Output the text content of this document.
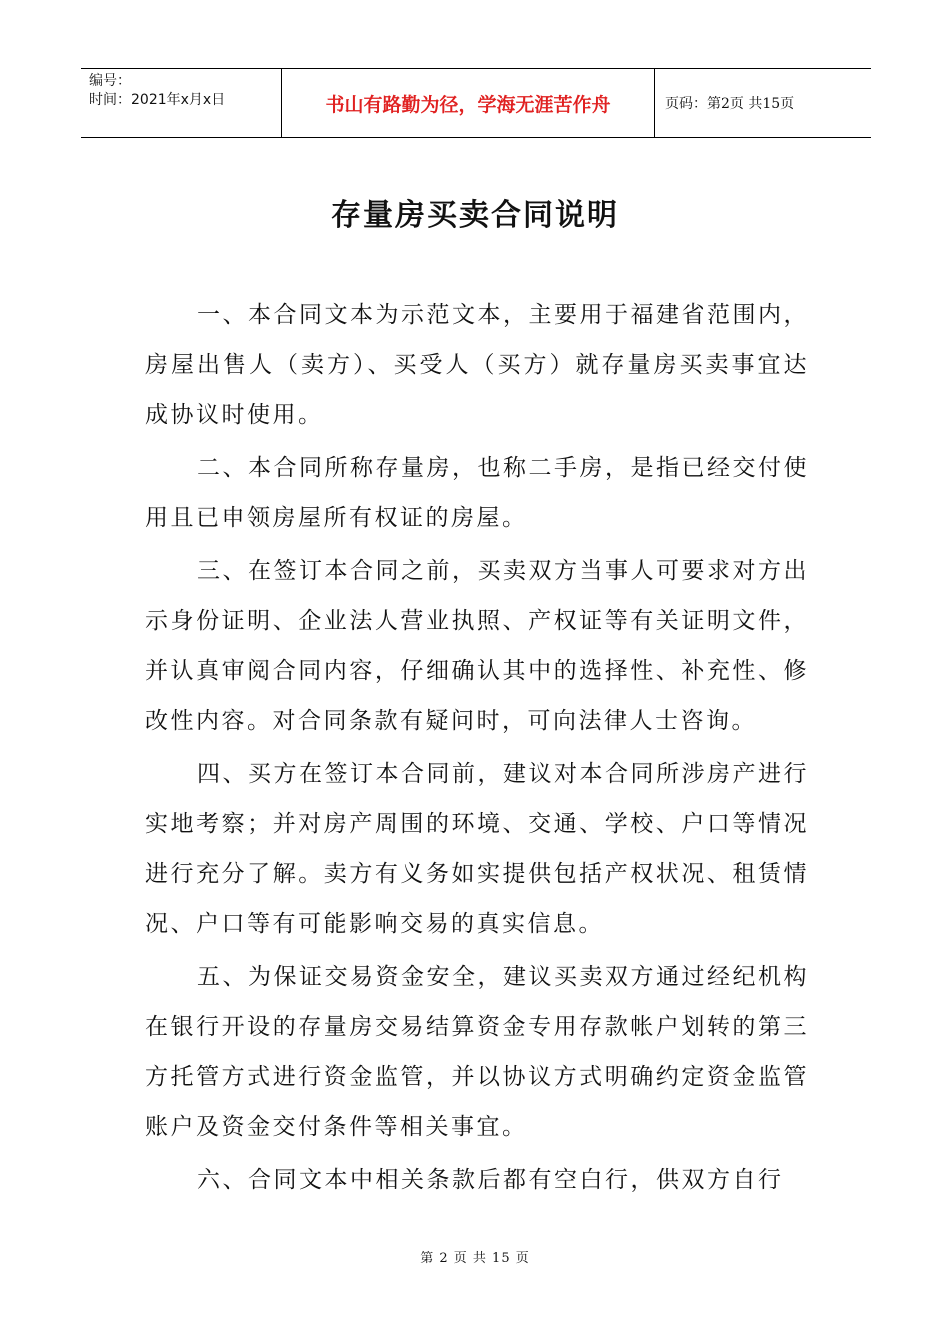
编号：
时间：2021年x月x日	书山有路勤为径，学海无涯苦作舟	页码：第2页 共15页
存量房买卖合同说明

一、本合同文本为示范文本，主要用于福建省范围内，房屋出售人（卖方）、买受人（买方）就存量房买卖事宜达成协议时使用。

二、本合同所称存量房，也称二手房，是指已经交付使用且已申领房屋所有权证的房屋。

三、在签订本合同之前，买卖双方当事人可要求对方出示身份证明、企业法人营业执照、产权证等有关证明文件，并认真审阅合同内容，仔细确认其中的选择性、补充性、修改性内容。对合同条款有疑问时，可向法律人士咨询。

四、买方在签订本合同前，建议对本合同所涉房产进行实地考察；并对房产周围的环境、交通、学校、户口等情况进行充分了解。卖方有义务如实提供包括产权状况、租赁情况、户口等有可能影响交易的真实信息。

五、为保证交易资金安全，建议买卖双方通过经纪机构在银行开设的存量房交易结算资金专用存款帐户划转的第三方托管方式进行资金监管，并以协议方式明确约定资金监管账户及资金交付条件等相关事宜。

六、合同文本中相关条款后都有空白行，供双方自行

第 2 页 共 15 页
